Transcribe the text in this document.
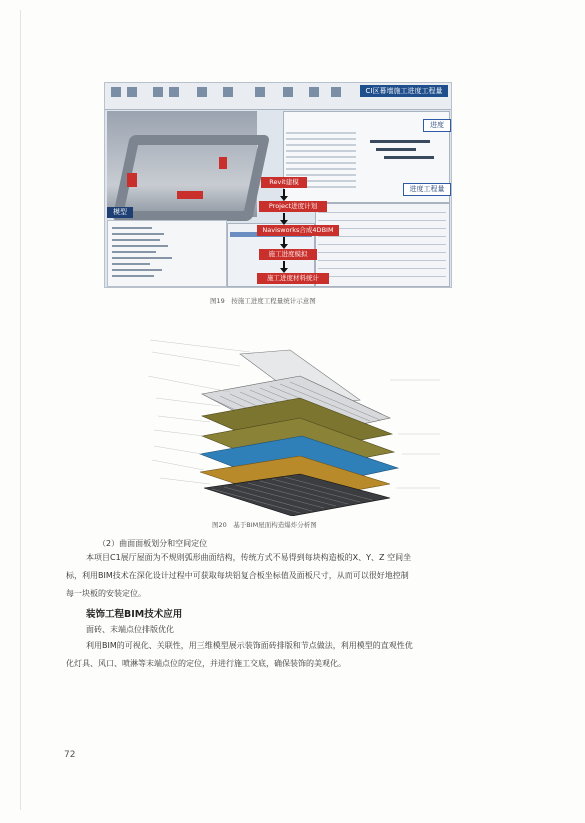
CI区幕墙施工进度工程量
模型
进度
进度工程量
Revit建模
Project进度计划
Navisworks合成4DBIM
施工进度模拟
施工进度材料统计
图19　按施工进度工程量统计示意图
图20　基于BIM屋面构造爆炸分析图
（2）曲面面板划分和空间定位
本项目C1展厅屋面为不规则弧形曲面结构，传统方式不易得到每块构造板的X、Y、Z 空间坐
标，利用BIM技术在深化设计过程中可获取每块铝复合板坐标值及面板尺寸，从而可以很好地控制
每一块板的安装定位。
装饰工程BIM技术应用
面砖、末端点位排版优化
利用BIM的可视化、关联性，用三维模型展示装饰面砖排版和节点做法，利用模型的直观性优
化灯具、风口、喷淋等末端点位的定位，并进行施工交底，确保装饰的美观化。
72
